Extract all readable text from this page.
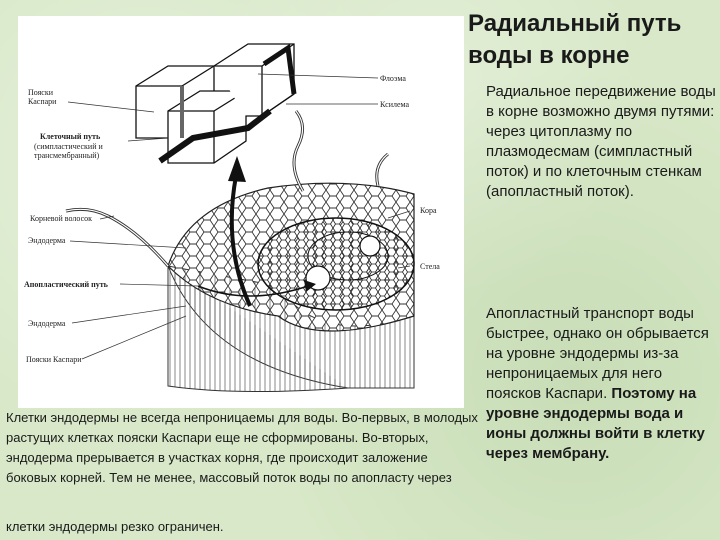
Пояски
Каспари
Флоэма
Ксилема
Клеточный путь
(симпластический и
трансмембранный)
Корневой волосок
Эндодерма
Кора
Стела
Апопластический путь
Эндодерма
Пояски Каспари
Радиальный путь
воды в корне
Радиальное передвижение воды в корне возможно двумя путями: через цитоплазму по плазмодесмам (симпластный поток) и по клеточным стенкам (апопластный поток).
Апопластный транспорт воды быстрее, однако он обрывается на уровне эндодермы из-за непроницаемых для него поясков Каспари. Поэтому на уровне эндодермы вода и ионы должны войти в клетку через мембрану.
Клетки эндодермы не всегда непроницаемы для воды. Во-первых, в молодых растущих клетках пояски Каспари еще не сформированы. Во-вторых, эндодерма прерывается в участках корня, где происходит заложение боковых корней. Тем не менее, массовый поток воды по апопласту через
клетки эндодермы резко ограничен.
